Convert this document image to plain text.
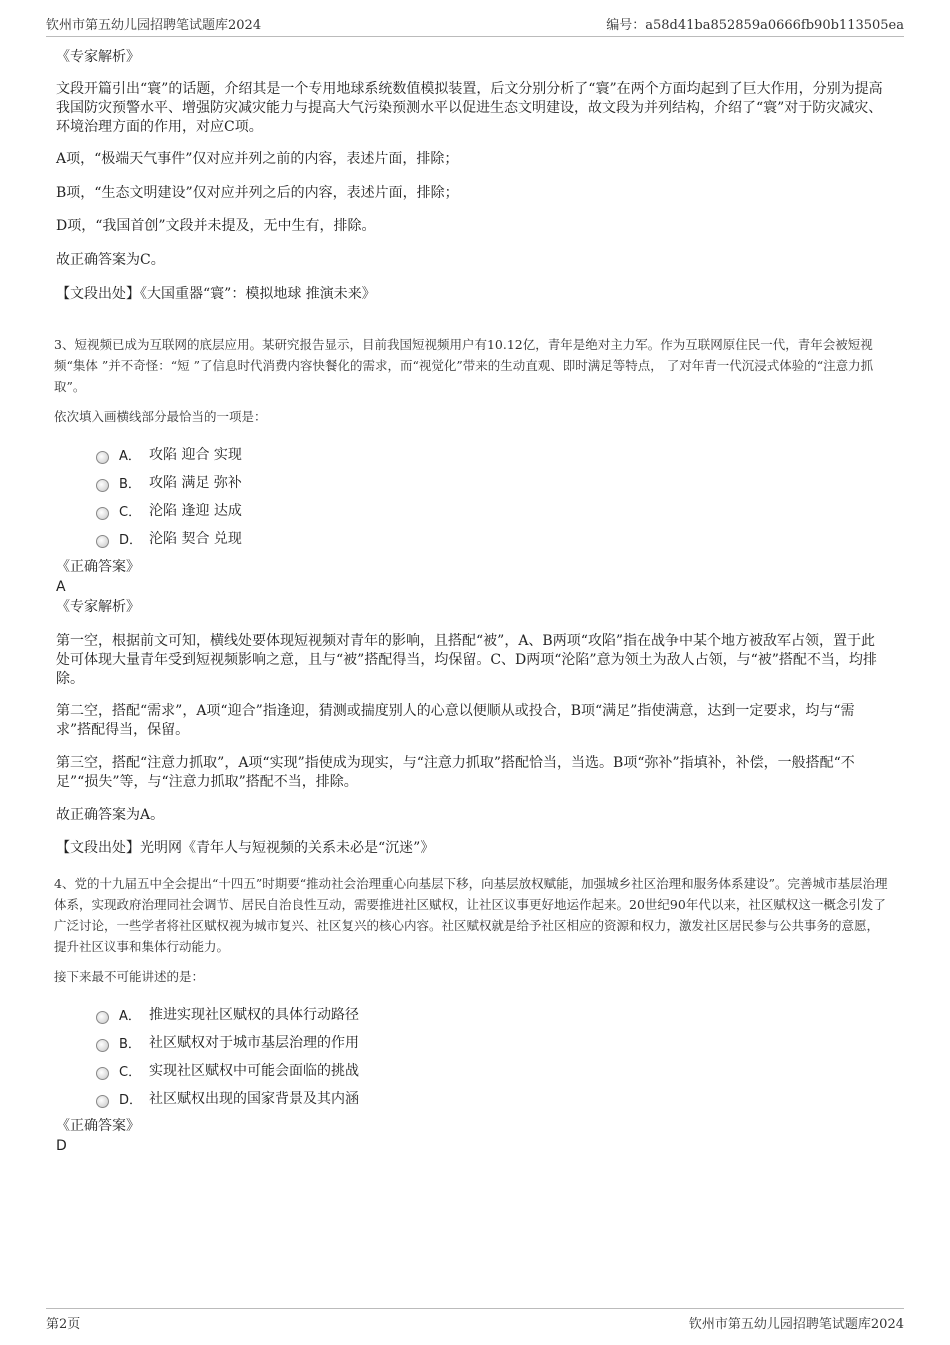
钦州市第五幼儿园招聘笔试题库2024	编号：a58d41ba852859a0666fb90b113505ea
《专家解析》

文段开篇引出“寰”的话题，介绍其是一个专用地球系统数值模拟装置，后文分别分析了“寰”在两个方面均起到了巨大作用，分别为提高我国防灾预警水平、增强防灾减灾能力与提高大气污染预测水平以促进生态文明建设，故文段为并列结构，介绍了“寰”对于防灾减灾、环境治理方面的作用，对应C项。

A项，“极端天气事件”仅对应并列之前的内容，表述片面，排除；

B项，“生态文明建设”仅对应并列之后的内容，表述片面，排除；

D项，“我国首创”文段并未提及，无中生有，排除。

故正确答案为C。

【文段出处】《大国重器“寰”：模拟地球 推演未来》

3、短视频已成为互联网的底层应用。某研究报告显示，目前我国短视频用户有10.12亿，青年是绝对主力军。作为互联网原住民一代，青年会被短视频“集体 ”并不奇怪：“短 ”了信息时代消费内容快餐化的需求，而“视觉化”带来的生动直观、即时满足等特点， 了对年青一代沉浸式体验的“注意力抓取”。

依次填入画横线部分最恰当的一项是：

A． 攻陷 迎合 实现
B． 攻陷 满足 弥补
C． 沦陷 逢迎 达成
D． 沦陷 契合 兑现
《正确答案》
A
《专家解析》

第一空，根据前文可知，横线处要体现短视频对青年的影响，且搭配“被”，A、B两项“攻陷”指在战争中某个地方被敌军占领，置于此处可体现大量青年受到短视频影响之意，且与“被”搭配得当，均保留。C、D两项“沦陷”意为领土为敌人占领，与“被”搭配不当，均排除。

第二空，搭配“需求”，A项“迎合”指逢迎，猜测或揣度别人的心意以便顺从或投合，B项“满足”指使满意，达到一定要求，均与“需求”搭配得当，保留。

第三空，搭配“注意力抓取”，A项“实现”指使成为现实，与“注意力抓取”搭配恰当，当选。B项“弥补”指填补，补偿，一般搭配“不足”“损失”等，与“注意力抓取”搭配不当，排除。

故正确答案为A。

【文段出处】光明网《青年人与短视频的关系未必是“沉迷”》

4、党的十九届五中全会提出“十四五”时期要“推动社会治理重心向基层下移，向基层放权赋能，加强城乡社区治理和服务体系建设”。完善城市基层治理体系，实现政府治理同社会调节、居民自治良性互动，需要推进社区赋权，让社区议事更好地运作起来。20世纪90年代以来，社区赋权这一概念引发了广泛讨论，一些学者将社区赋权视为城市复兴、社区复兴的核心内容。社区赋权就是给予社区相应的资源和权力，激发社区居民参与公共事务的意愿，提升社区议事和集体行动能力。

接下来最不可能讲述的是：

A． 推进实现社区赋权的具体行动路径
B． 社区赋权对于城市基层治理的作用
C． 实现社区赋权中可能会面临的挑战
D． 社区赋权出现的国家背景及其内涵
《正确答案》
D
第2页	钦州市第五幼儿园招聘笔试题库2024
